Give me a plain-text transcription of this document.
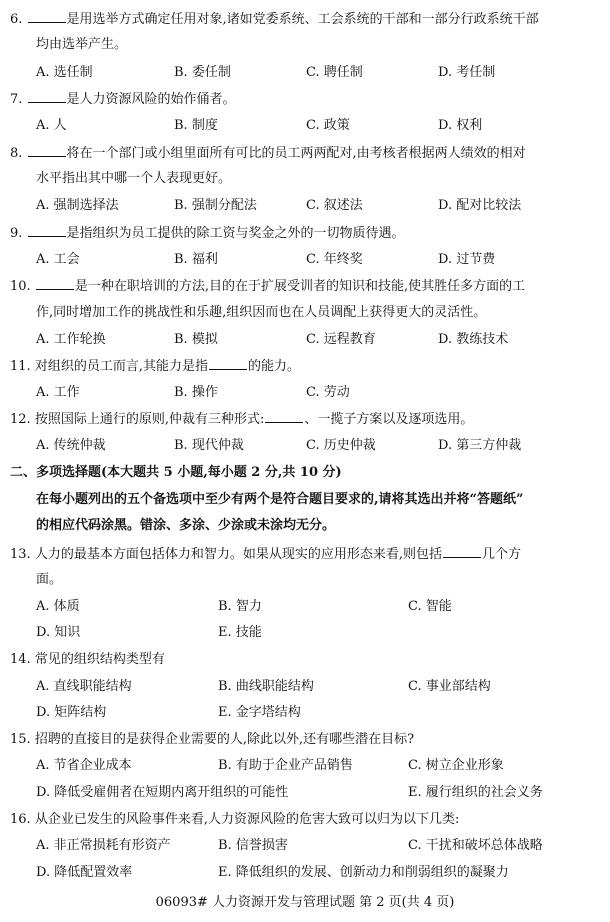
6.	是用选举方式确定任用对象,诸如党委系统、工会系统的干部和一部分行政系统干部
均由选举产生。
A. 选任制	B. 委任制	C. 聘任制	D. 考任制
7.	是人力资源风险的始作俑者。
A. 人	B. 制度	C. 政策	D. 权利
8.	将在一个部门或小组里面所有可比的员工两两配对,由考核者根据两人绩效的相对
水平指出其中哪一个人表现更好。
A. 强制选择法	B. 强制分配法	C. 叙述法	D. 配对比较法
9.	是指组织为员工提供的除工资与奖金之外的一切物质待遇。
A. 工会	B. 福利	C. 年终奖	D. 过节费
10.	是一种在职培训的方法,目的在于扩展受训者的知识和技能,使其胜任多方面的工
作,同时增加工作的挑战性和乐趣,组织因而也在人员调配上获得更大的灵活性。
A. 工作轮换	B. 模拟	C. 远程教育	D. 教练技术
11. 对组织的员工而言,其能力是指	的能力。
A. 工作	B. 操作	C. 劳动
12. 按照国际上通行的原则,仲裁有三种形式:	、一揽子方案以及逐项选用。
A. 传统仲裁	B. 现代仲裁	C. 历史仲裁	D. 第三方仲裁
二、多项选择题(本大题共 5 小题,每小题 2 分,共 10 分)
在每小题列出的五个备选项中至少有两个是符合题目要求的,请将其选出并将“答题纸”
的相应代码涂黑。错涂、多涂、少涂或未涂均无分。
13. 人力的最基本方面包括体力和智力。如果从现实的应用形态来看,则包括	几个方
面。
A. 体质	B. 智力	C. 智能
D. 知识	E. 技能
14. 常见的组织结构类型有
A. 直线职能结构	B. 曲线职能结构	C. 事业部结构
D. 矩阵结构	E. 金字塔结构
15. 招聘的直接目的是获得企业需要的人,除此以外,还有哪些潜在目标?
A. 节省企业成本	B. 有助于企业产品销售	C. 树立企业形象
D. 降低受雇佣者在短期内离开组织的可能性	E. 履行组织的社会义务
16. 从企业已发生的风险事件来看,人力资源风险的危害大致可以归为以下几类:
A. 非正常损耗有形资产	B. 信誉损害	C. 干扰和破坏总体战略
D. 降低配置效率	E. 降低组织的发展、创新动力和削弱组织的凝聚力
06093# 人力资源开发与管理试题 第 2 页(共 4 页)
